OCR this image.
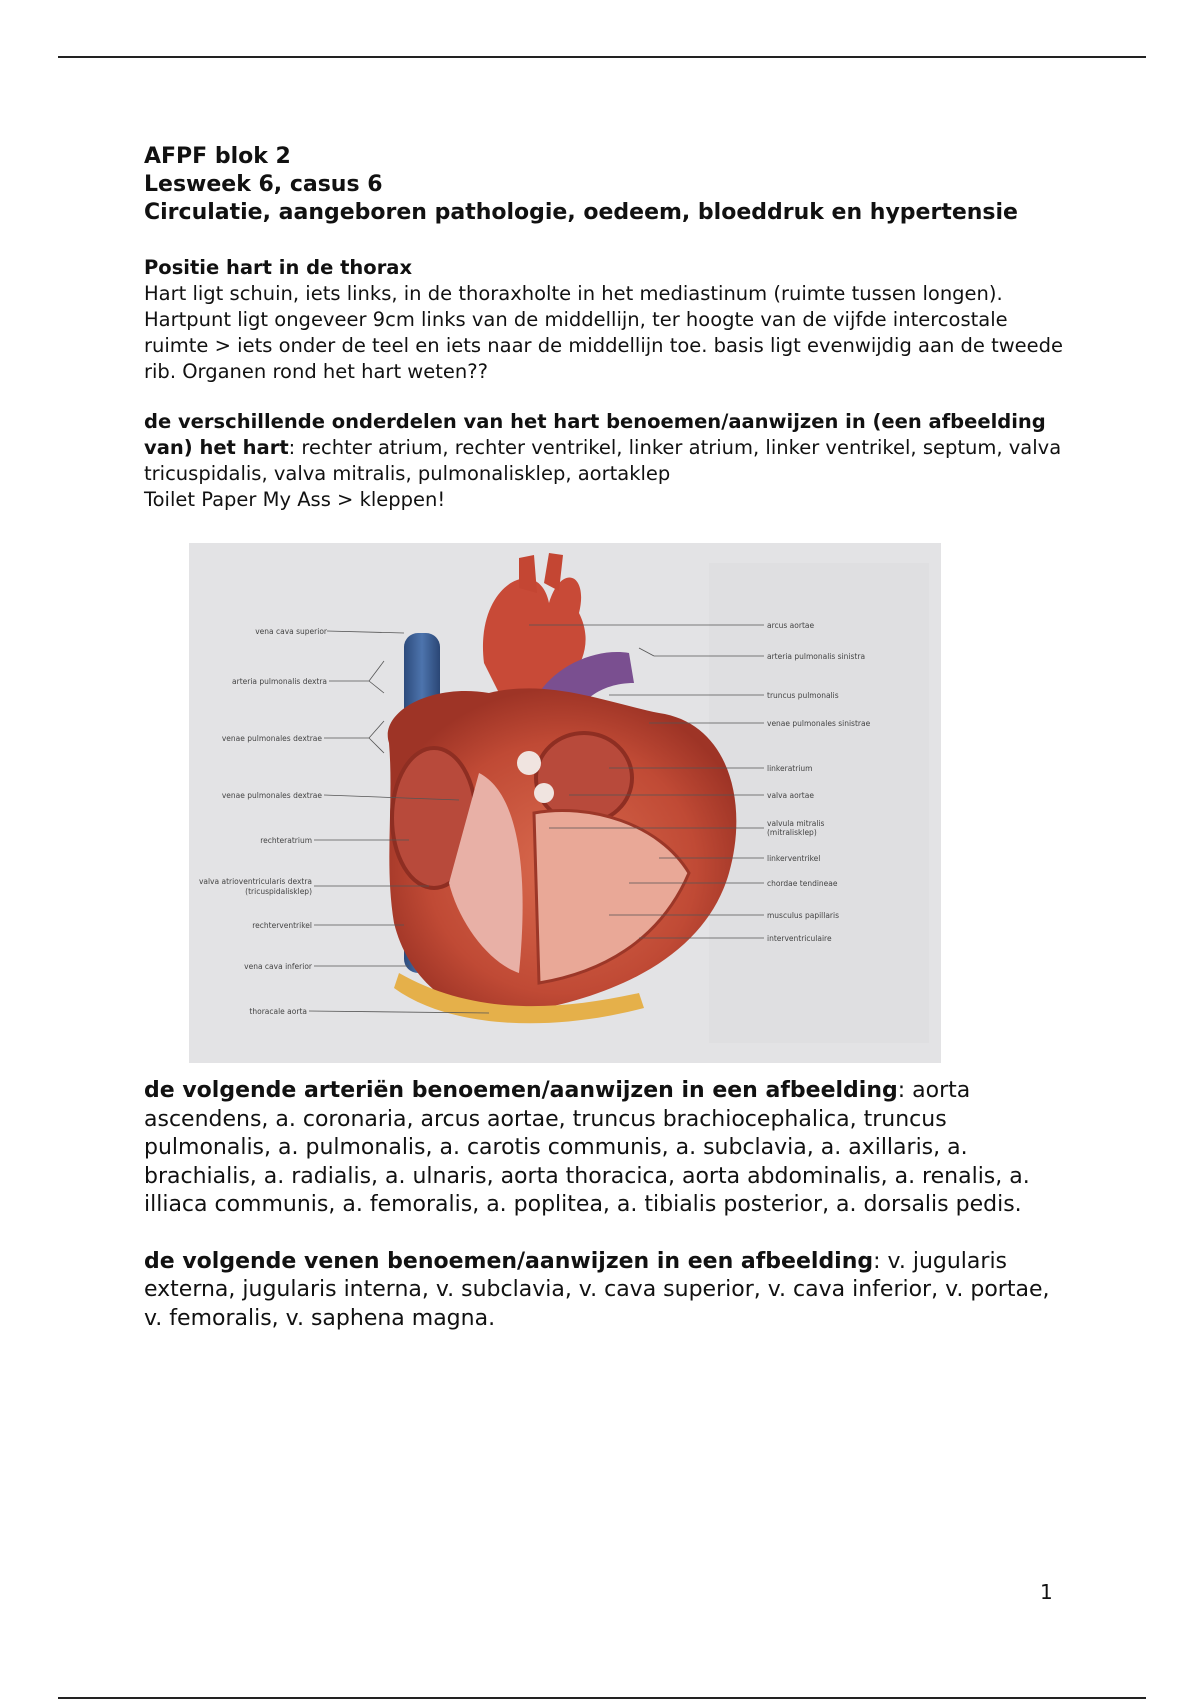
AFPF blok 2
Lesweek 6, casus 6
Circulatie, aangeboren pathologie, oedeem, bloeddruk en hypertensie

Positie hart in de thorax
Hart ligt schuin, iets links, in de thoraxholte in het mediastinum (ruimte tussen longen). Hartpunt ligt ongeveer 9cm links van de middellijn, ter hoogte van de vijfde intercostale ruimte > iets onder de teel en iets naar de middellijn toe. basis ligt evenwijdig aan de tweede rib. Organen rond het hart weten??

de verschillende onderdelen van het hart benoemen/aanwijzen in (een afbeelding van) het hart: rechter atrium, rechter ventrikel, linker atrium, linker ventrikel, septum, valva tricuspidalis, valva mitralis, pulmonalisklep, aortaklep
Toilet Paper My Ass > kleppen!

vena cava superior
arteria pulmonalis dextra
venae pulmonales dextrae
venae pulmonales dextrae
rechteratrium
valva atrioventricularis dextra
(tricuspidalisklep)
rechterventrikel
vena cava inferior
thoracale aorta
arcus aortae
arteria pulmonalis sinistra
truncus pulmonalis
venae pulmonales sinistrae
linkeratrium
valva aortae
valvula mitralis
(mitralisklep)
linkerventrikel
chordae tendineae
musculus papillaris
interventriculaire

de volgende arteriën benoemen/aanwijzen in een afbeelding: aorta ascendens, a. coronaria, arcus aortae, truncus brachiocephalica, truncus pulmonalis, a. pulmonalis, a. carotis communis, a. subclavia, a. axillaris, a. brachialis, a. radialis, a. ulnaris, aorta thoracica, aorta abdominalis, a. renalis, a. illiaca communis, a. femoralis, a. poplitea, a. tibialis posterior, a. dorsalis pedis.

de volgende venen benoemen/aanwijzen in een afbeelding: v. jugularis externa, jugularis interna, v. subclavia, v. cava superior, v. cava inferior, v. portae, v. femoralis, v. saphena magna.

1
